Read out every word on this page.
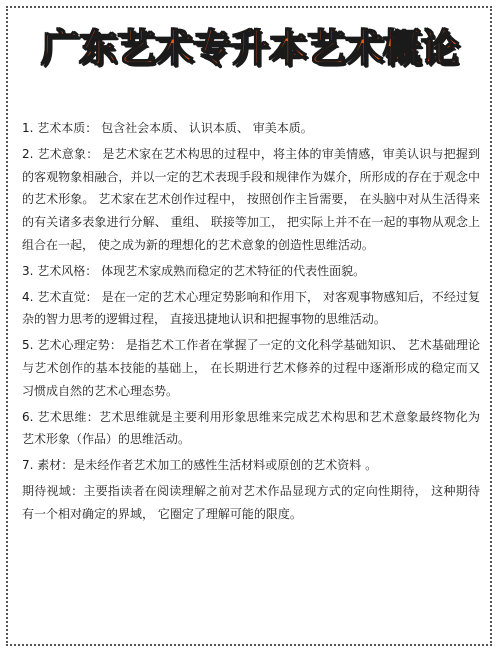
广东艺术专升本艺术概论

1. 艺术本质： 包含社会本质、 认识本质、 审美本质。

2. 艺术意象： 是艺术家在艺术构思的过程中，将主体的审美情感，审美认识与把握到的客观物象相融合，并以一定的艺术表现手段和规律作为媒介，所形成的存在于观念中的艺术形象。 艺术家在艺术创作过程中， 按照创作主旨需要， 在头脑中对从生活得来的有关诸多表象进行分解、 重组、 联接等加工， 把实际上并不在一起的事物从观念上组合在一起， 使之成为新的理想化的艺术意象的创造性思维活动。

3. 艺术风格： 体现艺术家成熟而稳定的艺术特征的代表性面貌。

4. 艺术直觉： 是在一定的艺术心理定势影响和作用下， 对客观事物感知后，不经过复杂的智力思考的逻辑过程， 直接迅捷地认识和把握事物的思维活动。

5. 艺术心理定势： 是指艺术工作者在掌握了一定的文化科学基础知识、 艺术基础理论与艺术创作的基本技能的基础上， 在长期进行艺术修养的过程中逐渐形成的稳定而又习惯成自然的艺术心理态势。

6. 艺术思维：艺术思维就是主要利用形象思维来完成艺术构思和艺术意象最终物化为艺术形象（作品）的思维活动。

7. 素材：是未经作者艺术加工的感性生活材料或原创的艺术资料 。

期待视域：主要指读者在阅读理解之前对艺术作品显现方式的定向性期待， 这种期待有一个相对确定的界域， 它圈定了理解可能的限度。
